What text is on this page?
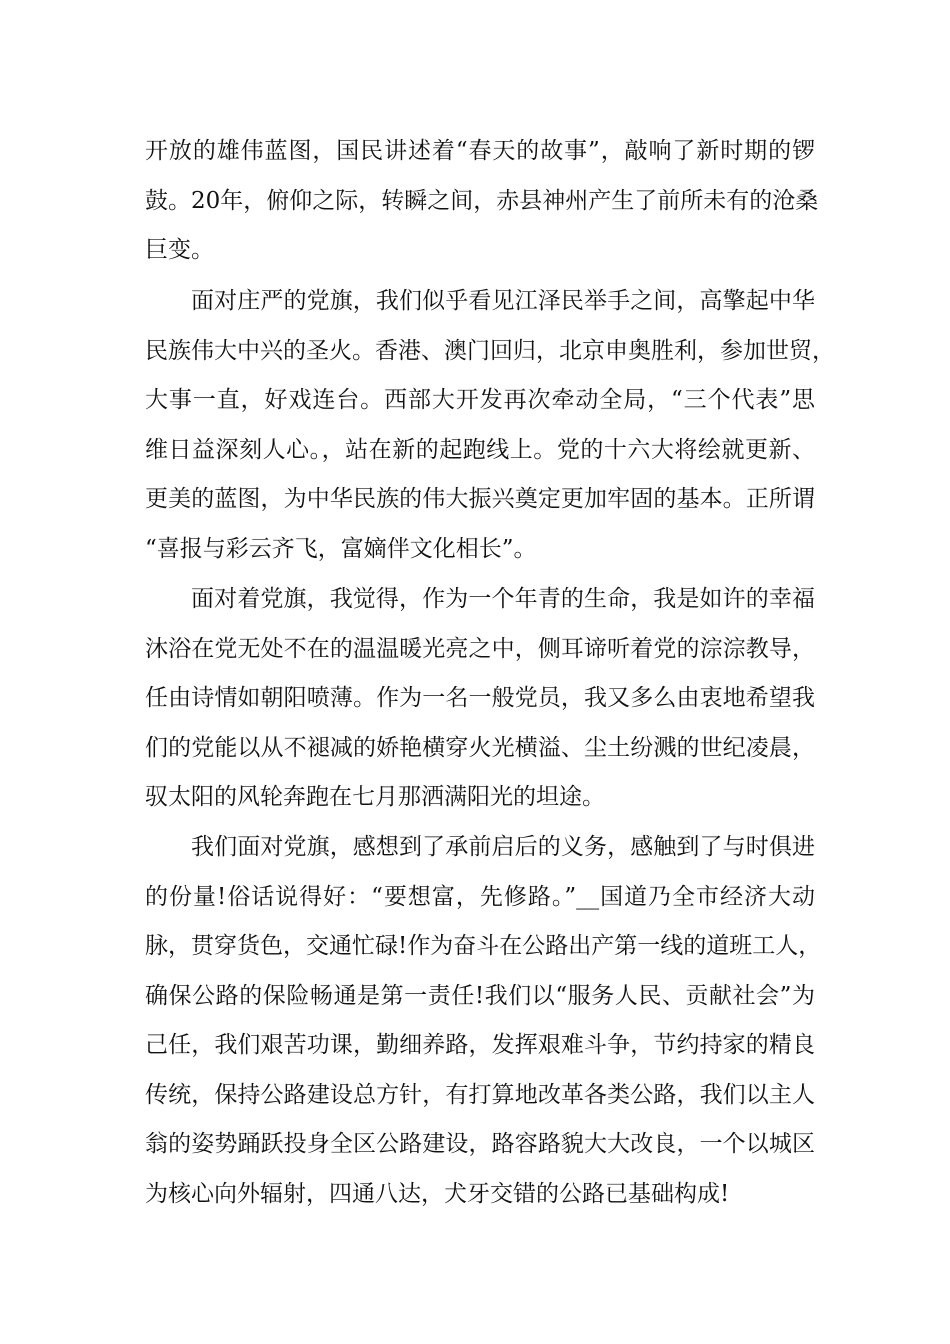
开放的雄伟蓝图，国民讲述着“春天的故事”，敲响了新时期的锣
鼓。20年，俯仰之际，转瞬之间，赤县神州产生了前所未有的沧桑
巨变。
面对庄严的党旗，我们似乎看见江泽民举手之间，高擎起中华
民族伟大中兴的圣火。香港、澳门回归，北京申奥胜利，参加世贸，
大事一直，好戏连台。西部大开发再次牵动全局，“三个代表”思
维日益深刻人心。，站在新的起跑线上。党的十六大将绘就更新、
更美的蓝图，为中华民族的伟大振兴奠定更加牢固的基本。正所谓
“喜报与彩云齐飞，富嫡伴文化相长”。
面对着党旗，我觉得，作为一个年青的生命，我是如许的幸福
沐浴在党无处不在的温温暖光亮之中，侧耳谛听着党的淙淙教导，
任由诗情如朝阳喷薄。作为一名一般党员，我又多么由衷地希望我
们的党能以从不褪减的娇艳横穿火光横溢、尘土纷溅的世纪凌晨，
驭太阳的风轮奔跑在七月那洒满阳光的坦途。
我们面对党旗，感想到了承前启后的义务，感触到了与时俱进
的份量!俗话说得好：“要想富，先修路。”__国道乃全市经济大动
脉，贯穿货色，交通忙碌!作为奋斗在公路出产第一线的道班工人，
确保公路的保险畅通是第一责任!我们以“服务人民、贡献社会”为
己任，我们艰苦功课，勤细养路，发挥艰难斗争，节约持家的精良
传统，保持公路建设总方针，有打算地改革各类公路，我们以主人
翁的姿势踊跃投身全区公路建设，路容路貌大大改良，一个以城区
为核心向外辐射，四通八达，犬牙交错的公路已基础构成!
